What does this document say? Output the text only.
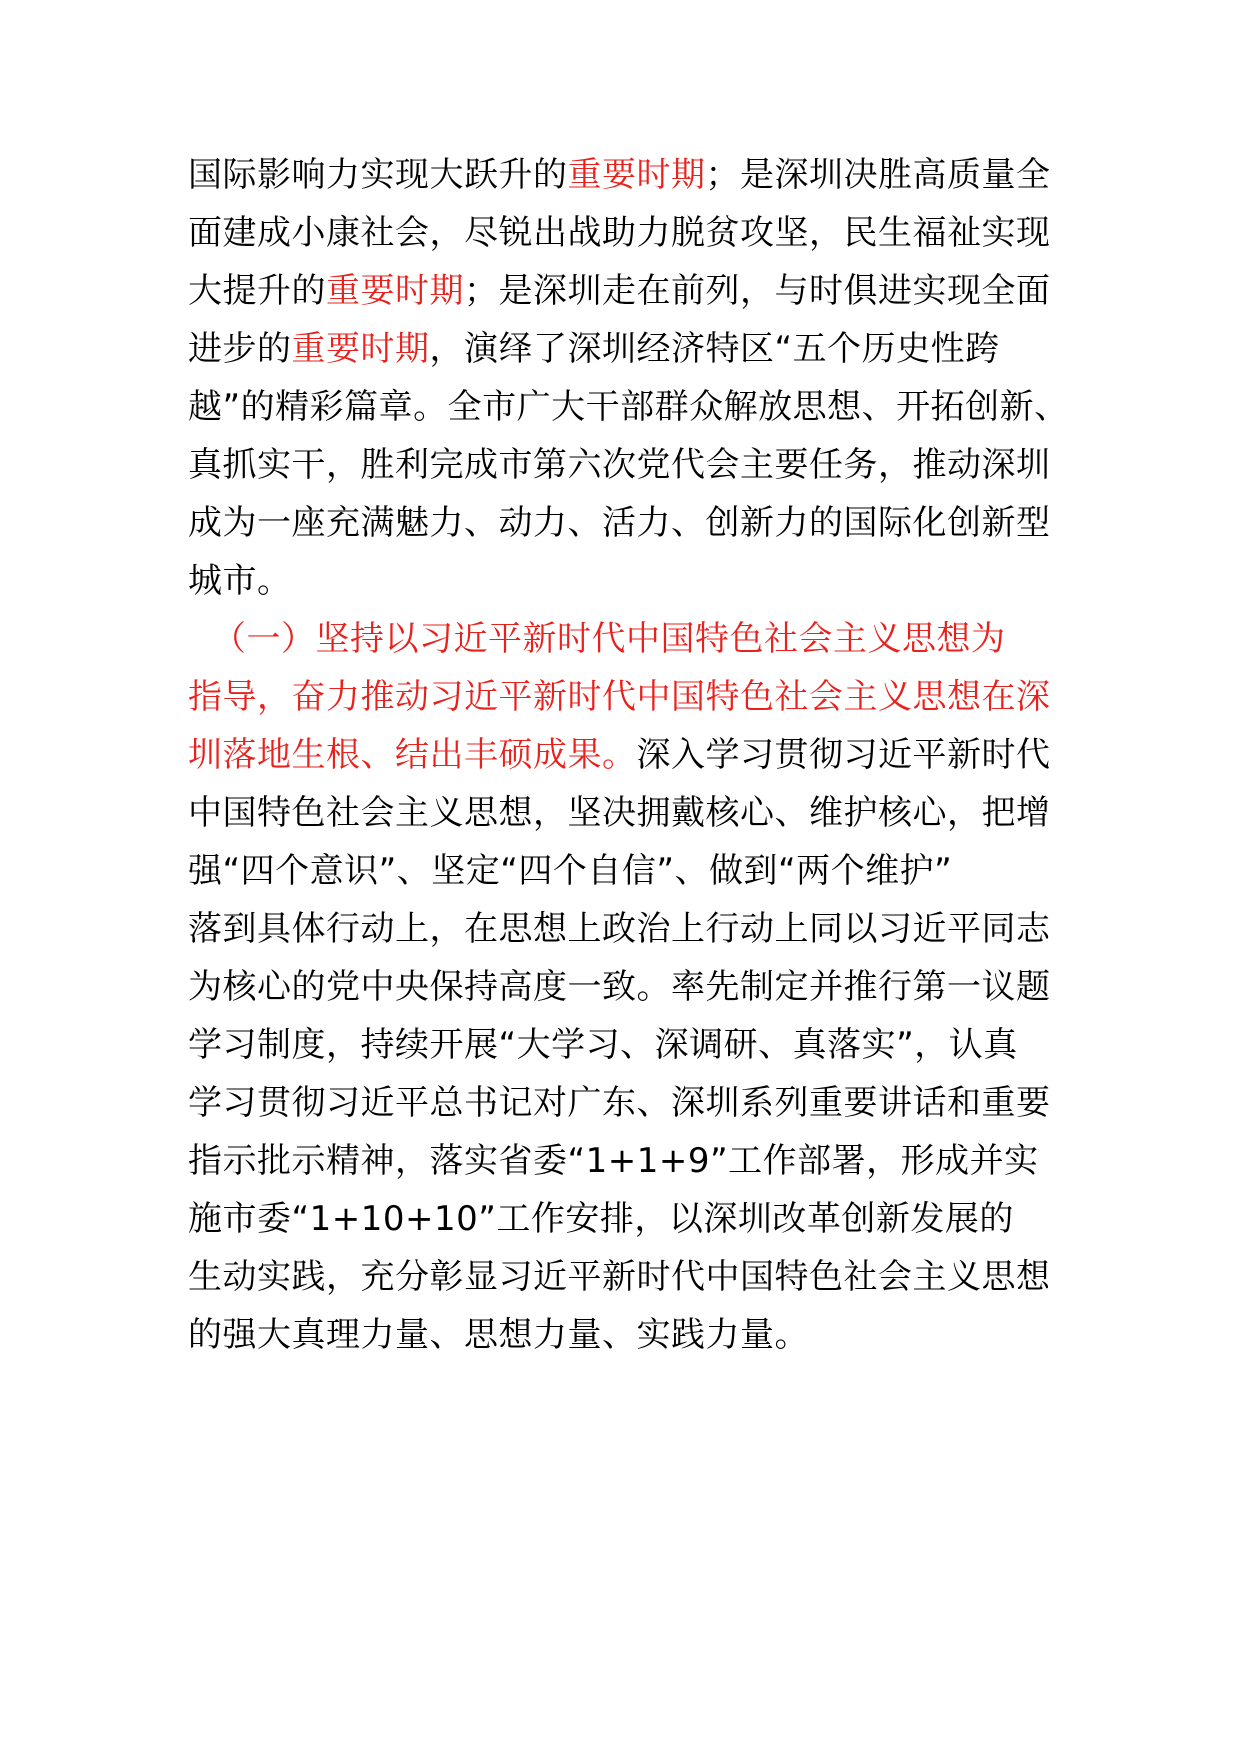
国际影响力实现大跃升的重要时期；是深圳决胜高质量全
面建成小康社会，尽锐出战助力脱贫攻坚，民生福祉实现
大提升的重要时期；是深圳走在前列，与时俱进实现全面
进步的重要时期，演绎了深圳经济特区“五个历史性跨
越”的精彩篇章。全市广大干部群众解放思想、开拓创新、
真抓实干，胜利完成市第六次党代会主要任务，推动深圳
成为一座充满魅力、动力、活力、创新力的国际化创新型
城市。
（一）坚持以习近平新时代中国特色社会主义思想为
指导，奋力推动习近平新时代中国特色社会主义思想在深
圳落地生根、结出丰硕成果。深入学习贯彻习近平新时代
中国特色社会主义思想，坚决拥戴核心、维护核心，把增
强“四个意识”、坚定“四个自信”、做到“两个维护”
落到具体行动上，在思想上政治上行动上同以习近平同志
为核心的党中央保持高度一致。率先制定并推行第一议题
学习制度，持续开展“大学习、深调研、真落实”，认真
学习贯彻习近平总书记对广东、深圳系列重要讲话和重要
指示批示精神，落实省委“1+1+9”工作部署，形成并实
施市委“1+10+10”工作安排，以深圳改革创新发展的
生动实践，充分彰显习近平新时代中国特色社会主义思想
的强大真理力量、思想力量、实践力量。
